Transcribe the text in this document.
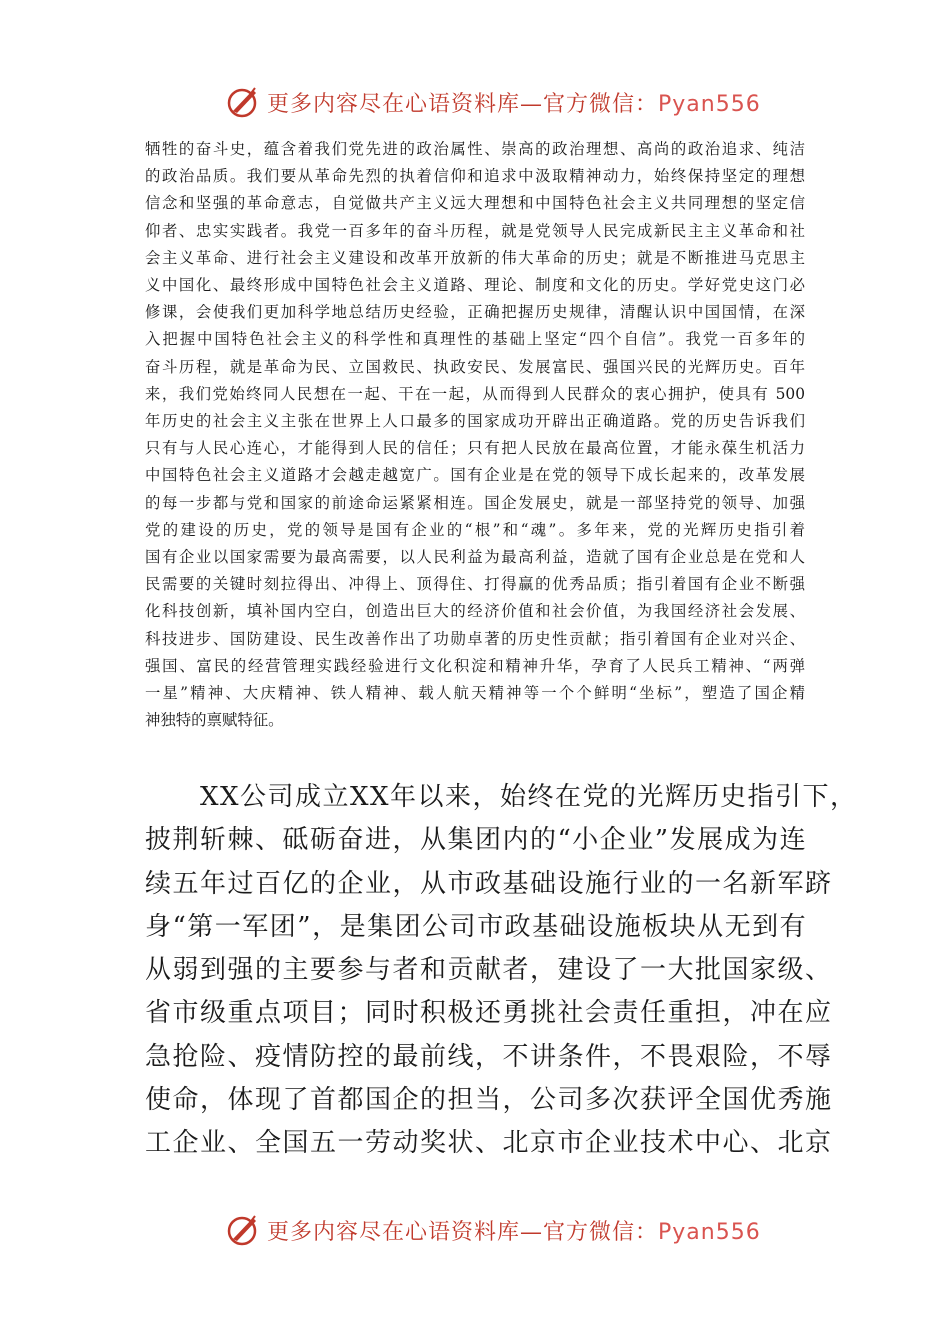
更多内容尽在心语资料库—官方微信：Pyan556
牺牲的奋斗史，蕴含着我们党先进的政治属性、崇高的政治理想、高尚的政治追求、纯洁
的政治品质。我们要从革命先烈的执着信仰和追求中汲取精神动力，始终保持坚定的理想
信念和坚强的革命意志，自觉做共产主义远大理想和中国特色社会主义共同理想的坚定信
仰者、忠实实践者。我党一百多年的奋斗历程，就是党领导人民完成新民主主义革命和社
会主义革命、进行社会主义建设和改革开放新的伟大革命的历史；就是不断推进马克思主
义中国化、最终形成中国特色社会主义道路、理论、制度和文化的历史。学好党史这门必
修课，会使我们更加科学地总结历史经验，正确把握历史规律，清醒认识中国国情，在深
入把握中国特色社会主义的科学性和真理性的基础上坚定“四个自信”。我党一百多年的
奋斗历程，就是革命为民、立国救民、执政安民、发展富民、强国兴民的光辉历史。百年
来，我们党始终同人民想在一起、干在一起，从而得到人民群众的衷心拥护，使具有 500
年历史的社会主义主张在世界上人口最多的国家成功开辟出正确道路。党的历史告诉我们
只有与人民心连心，才能得到人民的信任；只有把人民放在最高位置，才能永葆生机活力
中国特色社会主义道路才会越走越宽广。国有企业是在党的领导下成长起来的，改革发展
的每一步都与党和国家的前途命运紧紧相连。国企发展史，就是一部坚持党的领导、加强
党的建设的历史，党的领导是国有企业的“根”和“魂”。多年来，党的光辉历史指引着
国有企业以国家需要为最高需要，以人民利益为最高利益，造就了国有企业总是在党和人
民需要的关键时刻拉得出、冲得上、顶得住、打得赢的优秀品质；指引着国有企业不断强
化科技创新，填补国内空白，创造出巨大的经济价值和社会价值，为我国经济社会发展、
科技进步、国防建设、民生改善作出了功勋卓著的历史性贡献；指引着国有企业对兴企、
强国、富民的经营管理实践经验进行文化积淀和精神升华，孕育了人民兵工精神、“两弹
一星”精神、大庆精神、铁人精神、载人航天精神等一个个鲜明“坐标”，塑造了国企精
神独特的禀赋特征。
　　XX公司成立XX年以来，始终在党的光辉历史指引下，
披荆斩棘、砥砺奋进，从集团内的“小企业”发展成为连
续五年过百亿的企业，从市政基础设施行业的一名新军跻
身“第一军团”，是集团公司市政基础设施板块从无到有
从弱到强的主要参与者和贡献者，建设了一大批国家级、
省市级重点项目；同时积极还勇挑社会责任重担，冲在应
急抢险、疫情防控的最前线，不讲条件，不畏艰险，不辱
使命，体现了首都国企的担当，公司多次获评全国优秀施
工企业、全国五一劳动奖状、北京市企业技术中心、北京
更多内容尽在心语资料库—官方微信：Pyan556
